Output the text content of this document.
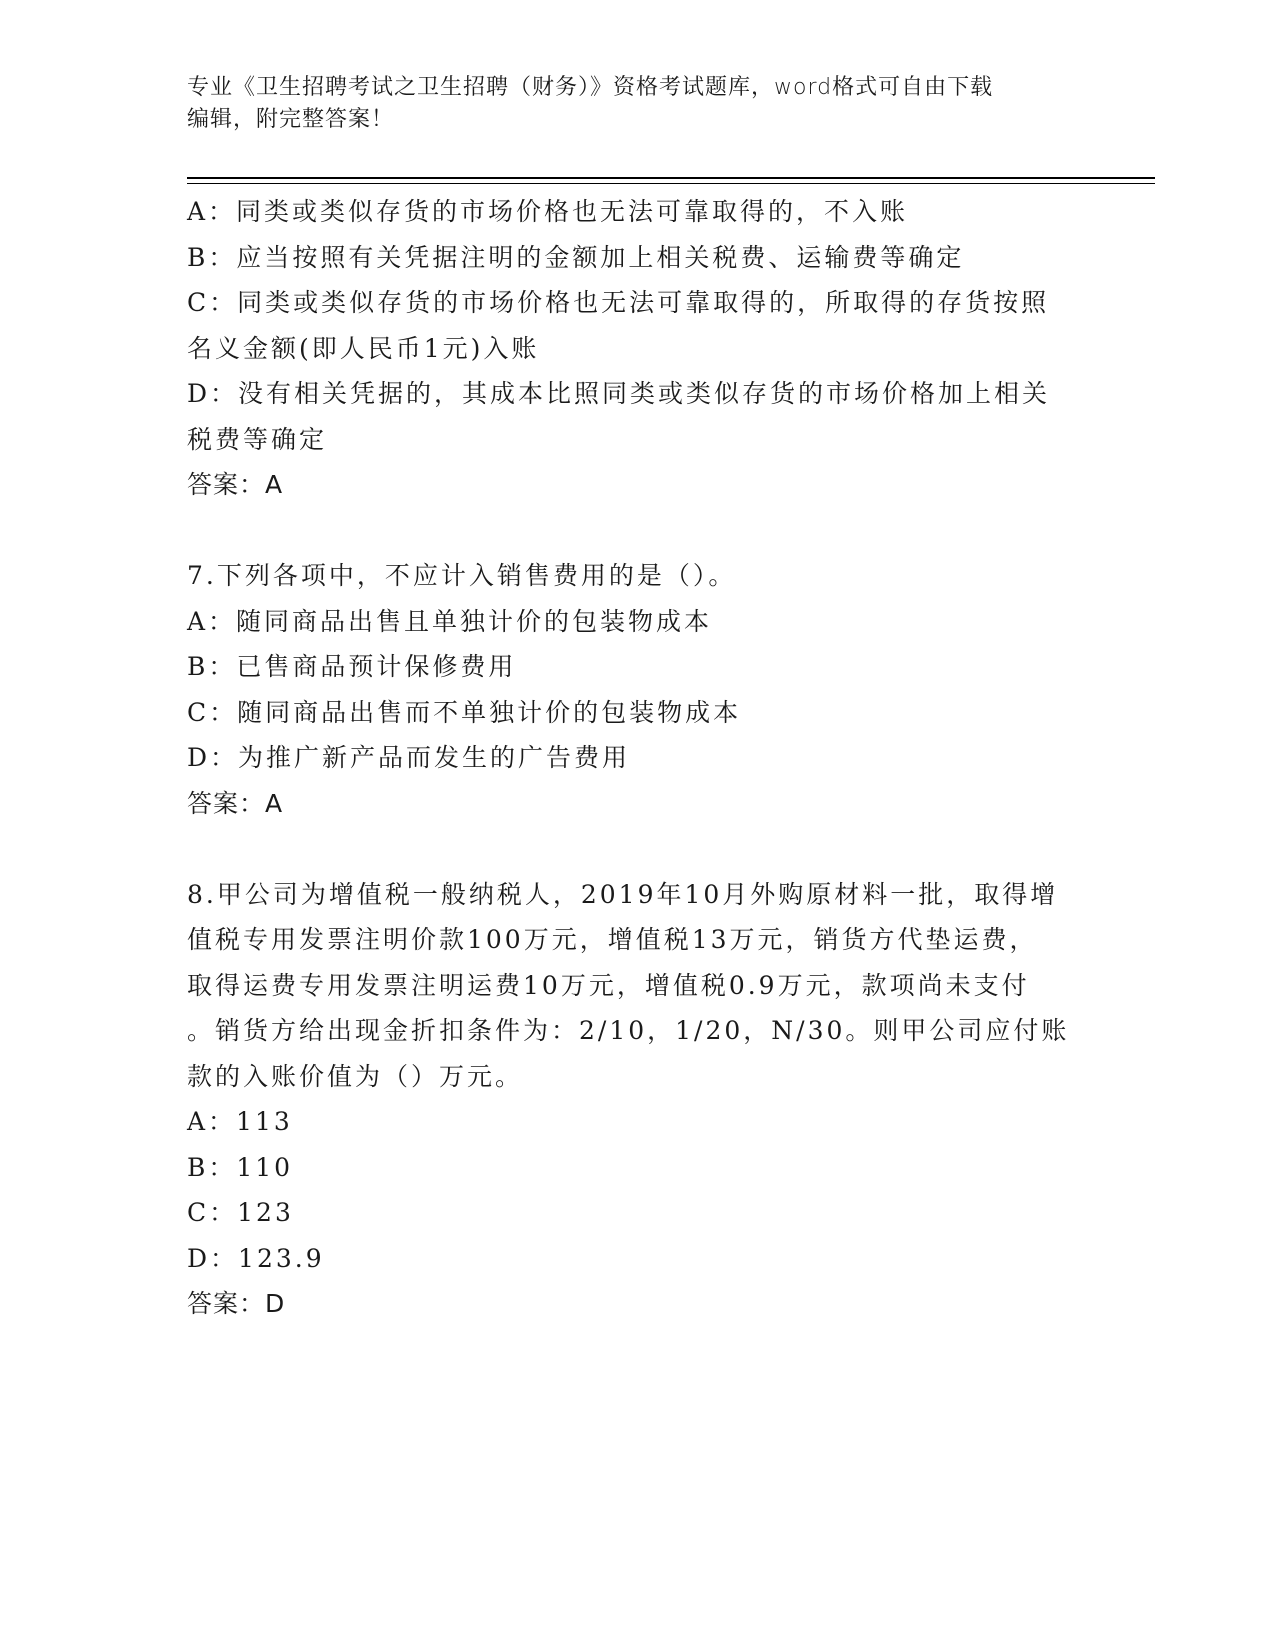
专业《卫生招聘考试之卫生招聘（财务）》资格考试题库，word格式可自由下载
编辑，附完整答案！
A：同类或类似存货的市场价格也无法可靠取得的，不入账
B：应当按照有关凭据注明的金额加上相关税费、运输费等确定
C：同类或类似存货的市场价格也无法可靠取得的，所取得的存货按照
名义金额(即人民币1元)入账
D：没有相关凭据的，其成本比照同类或类似存货的市场价格加上相关
税费等确定
答案：A
7.下列各项中，不应计入销售费用的是（）。
A：随同商品出售且单独计价的包装物成本
B：已售商品预计保修费用
C：随同商品出售而不单独计价的包装物成本
D：为推广新产品而发生的广告费用
答案：A
8.甲公司为增值税一般纳税人，2019年10月外购原材料一批，取得增
值税专用发票注明价款100万元，增值税13万元，销货方代垫运费，
取得运费专用发票注明运费10万元，增值税0.9万元，款项尚未支付
。销货方给出现金折扣条件为：2/10，1/20，N/30。则甲公司应付账
款的入账价值为（）万元。
A：113
B：110
C：123
D：123.9
答案：D
